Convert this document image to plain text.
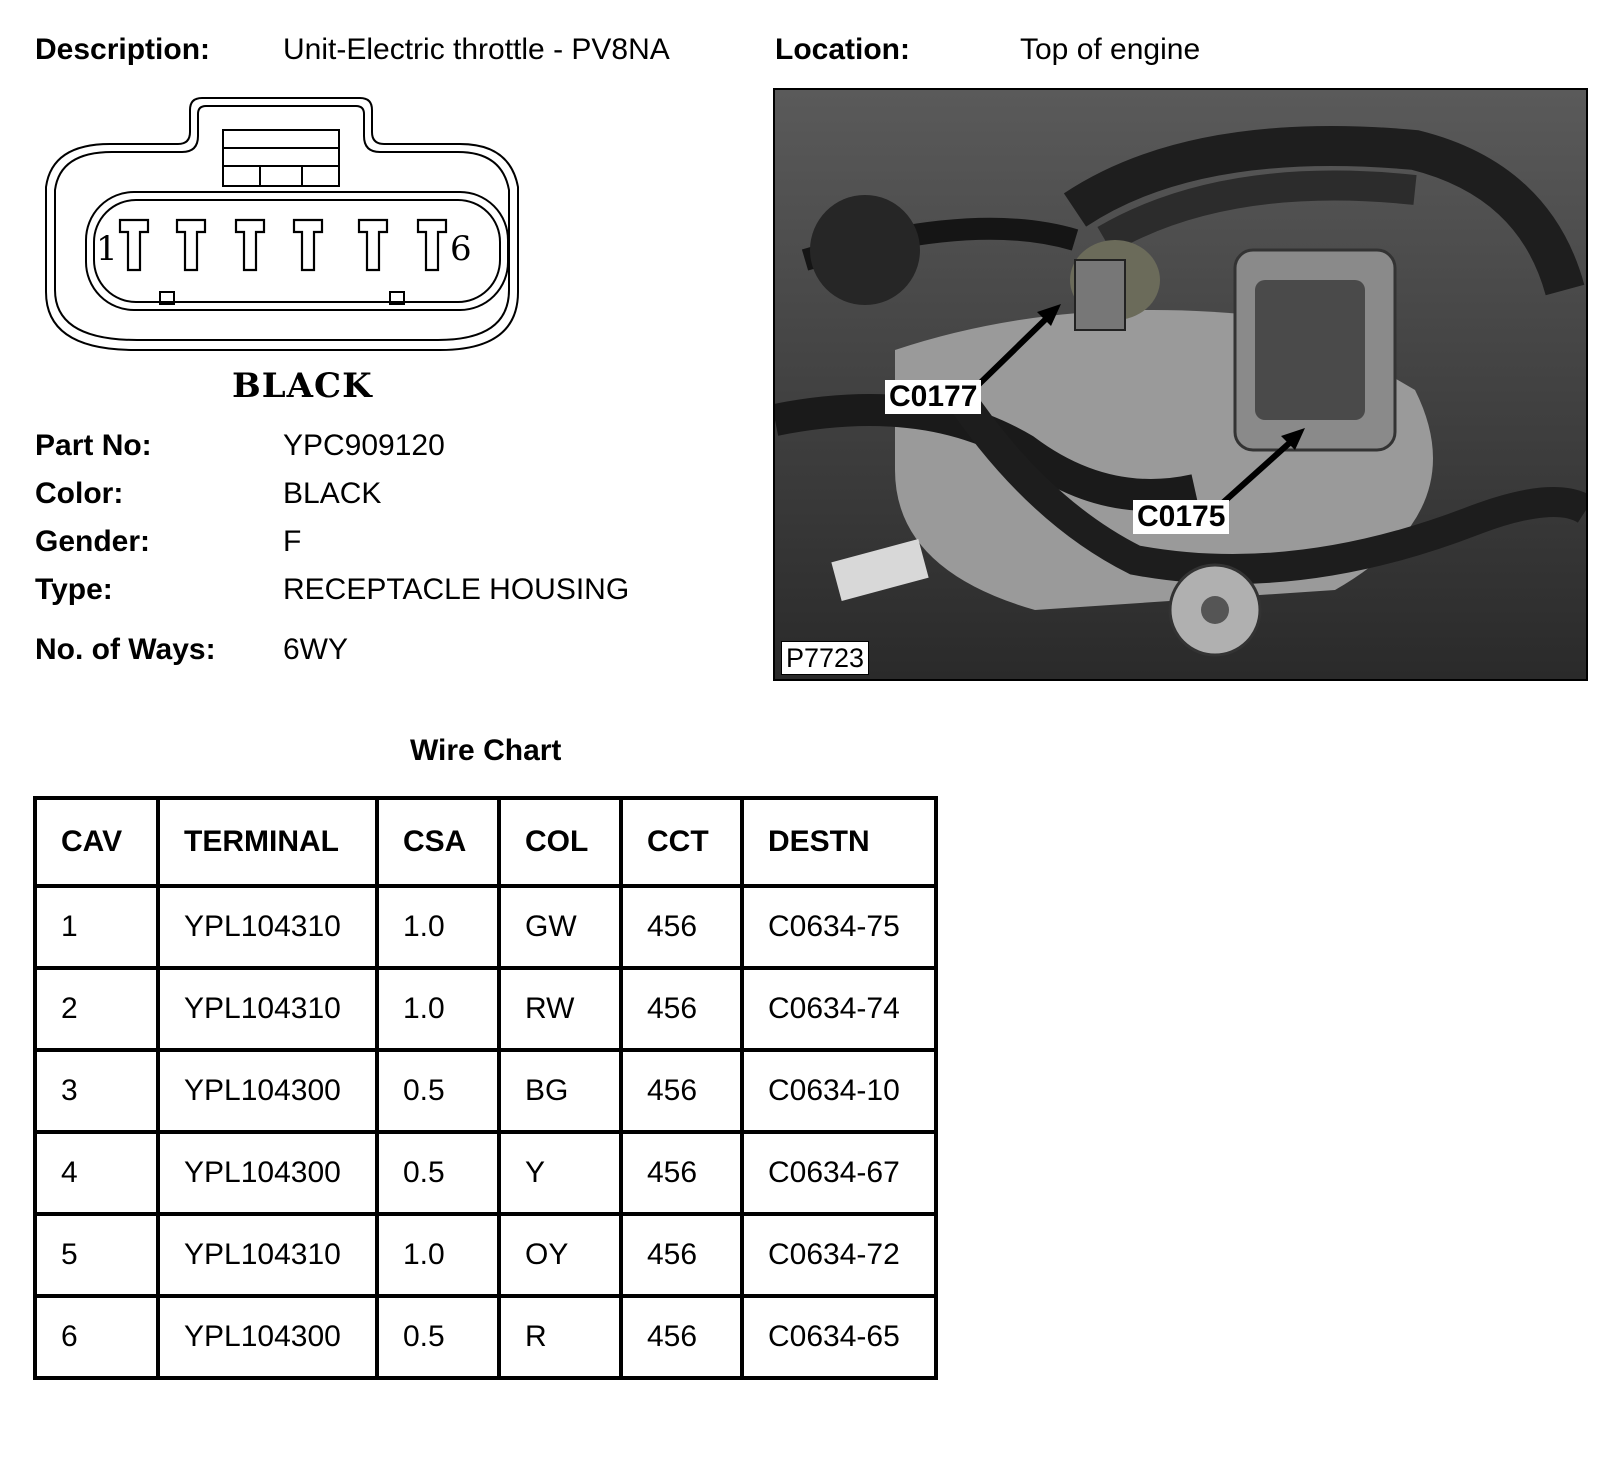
Description: Unit-Electric throttle - PV8NA	Location:	Top of engine
1	6
BLACK
Part No:	YPC909120
Color:	BLACK
Gender:	F
Type:	RECEPTACLE HOUSING
No. of Ways: 6WY
C0177
C0175
P7723
Wire Chart
CAV	TERMINAL	CSA	COL	CCT	DESTN
1	YPL104310	1.0	GW	456	C0634-75
2	YPL104310	1.0	RW	456	C0634-74
3	YPL104300	0.5	BG	456	C0634-10
4	YPL104300	0.5	Y	456	C0634-67
5	YPL104310	1.0	OY	456	C0634-72
6	YPL104300	0.5	R	456	C0634-65
